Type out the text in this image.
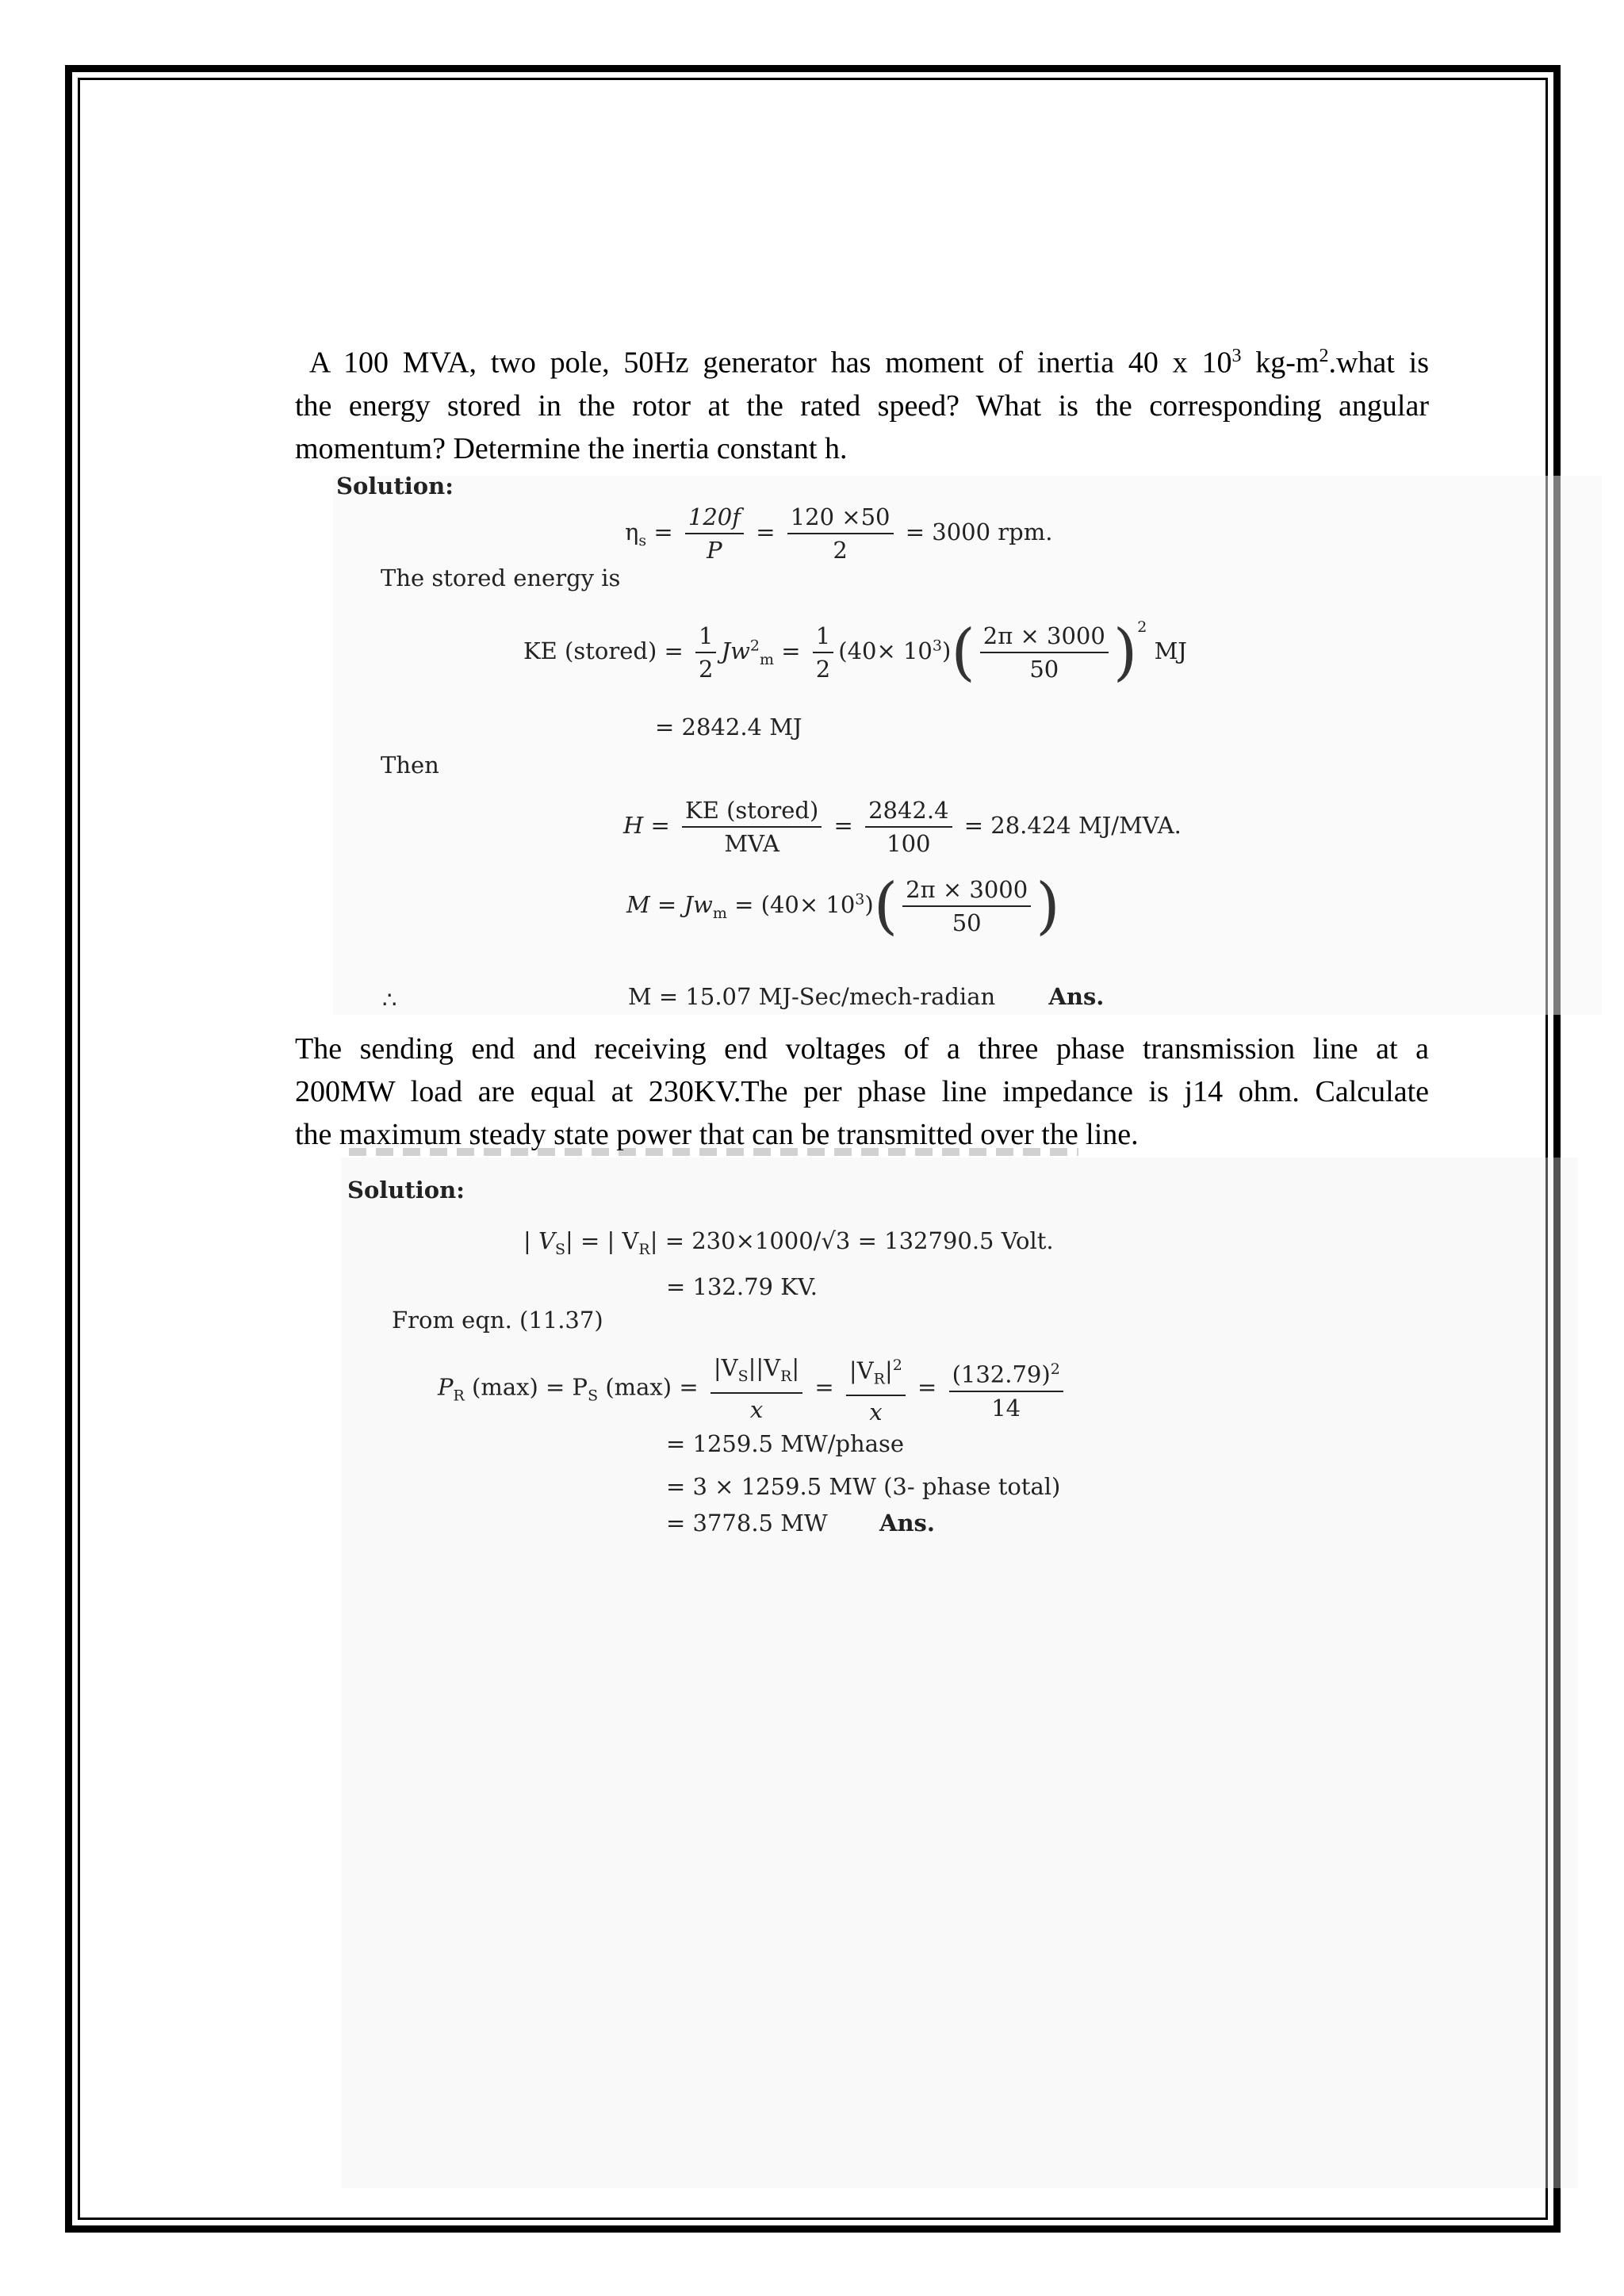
A 100 MVA, two pole, 50Hz generator has moment of inertia 40 x $10^3$ $kg-m^2.what$ is
the energy stored in the rotor at the rated speed? What is the corresponding angular
momentum? Determine the inertia constant h.
Solution:
$\eta_s = \frac{120f}{P} = \frac{120 \times 50}{2} = 3000$ rpm.
The stored energy is
KE (stored) = $\frac{1}{2} Jw^2_m = \frac{1}{2} (40\times 10^3)( \frac{2\pi \times 3000}{50} )^2$ MJ
= 2842.4 MJ
Then
$H = \frac{\text{KE (stored)}}{\text{MVA}} = \frac{2842.4}{100} = 28.424$ MJ/MVA.
$M = Jw_m = (40\times 10^3)( \frac{2\pi \times 3000}{50}$ )
∴	M = 15.07 MJ-Sec/mech-radian Ans.
The sending end and receiving end voltages of a three phase transmission line at a
200MW load are equal at 230KV.The per phase line impedance is j14 ohm. Calculate
the maximum steady state power that can be transmitted over the line.
Solution:
| $V_S|$ = | $V_R| = 230\times 1000/√3 = 132790.5$ Volt.
= 132.79 KV.
From eqn. (11.37)
$P_R$ $(\max) = P_S$ $(\max) = \frac{|V_S||V_R|}{x} = \frac{|V_R|^2}{x} = \frac{(132.79)^2}{14}$
= 1259.5 MW/phase
= 3 × 1259.5 MW (3- phase total)
= 3778.5 MW Ans.
